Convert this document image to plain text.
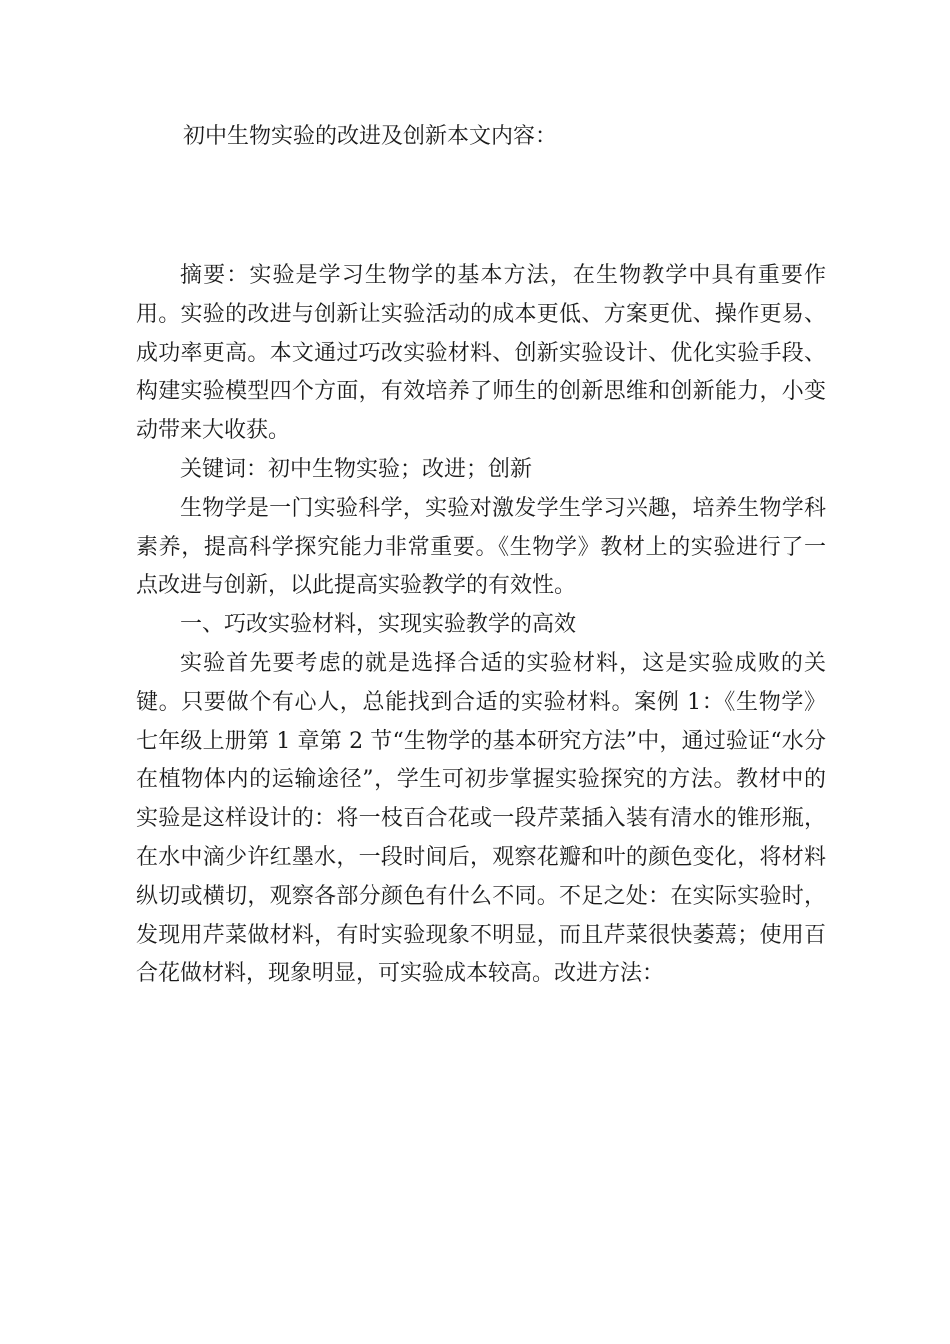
初中生物实验的改进及创新本文内容：

摘要：实验是学习生物学的基本方法，在生物教学中具有重要作用。实验的改进与创新让实验活动的成本更低、方案更优、操作更易、成功率更高。本文通过巧改实验材料、创新实验设计、优化实验手段、构建实验模型四个方面，有效培养了师生的创新思维和创新能力，小变动带来大收获。

关键词：初中生物实验；改进；创新

生物学是一门实验科学，实验对激发学生学习兴趣，培养生物学科素养，提高科学探究能力非常重要。《生物学》教材上的实验进行了一点改进与创新，以此提高实验教学的有效性。

一、巧改实验材料，实现实验教学的高效

实验首先要考虑的就是选择合适的实验材料，这是实验成败的关键。只要做个有心人，总能找到合适的实验材料。案例 1：《生物学》七年级上册第 1 章第 2 节“生物学的基本研究方法”中，通过验证“水分在植物体内的运输途径”，学生可初步掌握实验探究的方法。教材中的实验是这样设计的：将一枝百合花或一段芹菜插入装有清水的锥形瓶，在水中滴少许红墨水，一段时间后，观察花瓣和叶的颜色变化，将材料纵切或横切，观察各部分颜色有什么不同。不足之处：在实际实验时，发现用芹菜做材料，有时实验现象不明显，而且芹菜很快萎蔫；使用百合花做材料，现象明显，可实验成本较高。改进方法：
